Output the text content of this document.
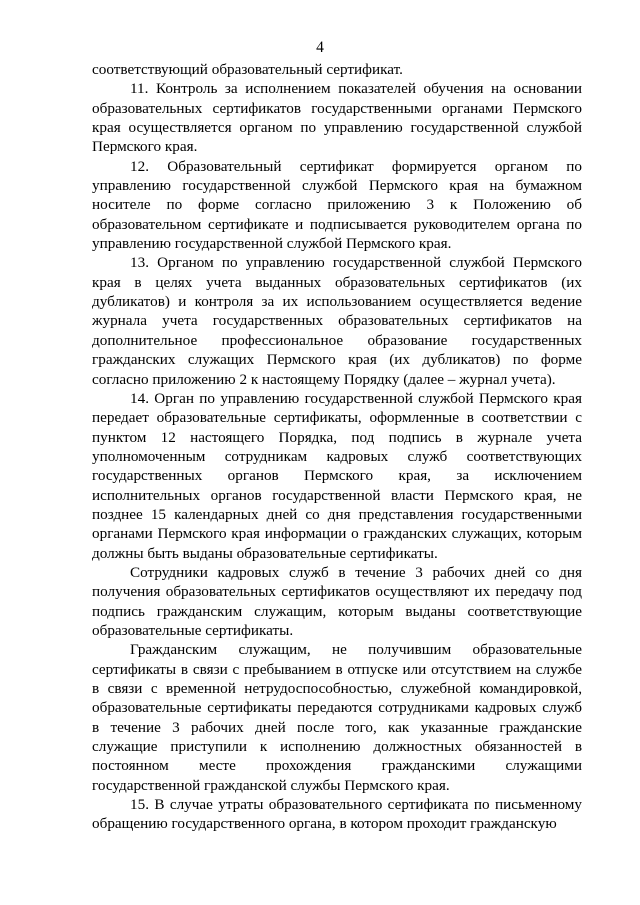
4

соответствующий образовательный сертификат.

11. Контроль за исполнением показателей обучения на основании образовательных сертификатов государственными органами Пермского края осуществляется органом по управлению государственной службой Пермского края.

12. Образовательный сертификат формируется органом по управлению государственной службой Пермского края на бумажном носителе по форме согласно приложению 3 к Положению об образовательном сертификате и подписывается руководителем органа по управлению государственной службой Пермского края.

13. Органом по управлению государственной службой Пермского края в целях учета выданных образовательных сертификатов (их дубликатов) и контроля за их использованием осуществляется ведение журнала учета государственных образовательных сертификатов на дополнительное профессиональное образование государственных гражданских служащих Пермского края (их дубликатов) по форме согласно приложению 2 к настоящему Порядку (далее – журнал учета).

14. Орган по управлению государственной службой Пермского края передает образовательные сертификаты, оформленные в соответствии с пунктом 12 настоящего Порядка, под подпись в журнале учета уполномоченным сотрудникам кадровых служб соответствующих государственных органов Пермского края, за исключением исполнительных органов государственной власти Пермского края, не позднее 15 календарных дней со дня представления государственными органами Пермского края информации о гражданских служащих, которым должны быть выданы образовательные сертификаты.

Сотрудники кадровых служб в течение 3 рабочих дней со дня получения образовательных сертификатов осуществляют их передачу под подпись гражданским служащим, которым выданы соответствующие образовательные сертификаты.

Гражданским служащим, не получившим образовательные сертификаты в связи с пребыванием в отпуске или отсутствием на службе в связи с временной нетрудоспособностью, служебной командировкой, образовательные сертификаты передаются сотрудниками кадровых служб в течение 3 рабочих дней после того, как указанные гражданские служащие приступили к исполнению должностных обязанностей в постоянном месте прохождения гражданскими служащими государственной гражданской службы Пермского края.

15. В случае утраты образовательного сертификата по письменному обращению государственного органа, в котором проходит гражданскую
